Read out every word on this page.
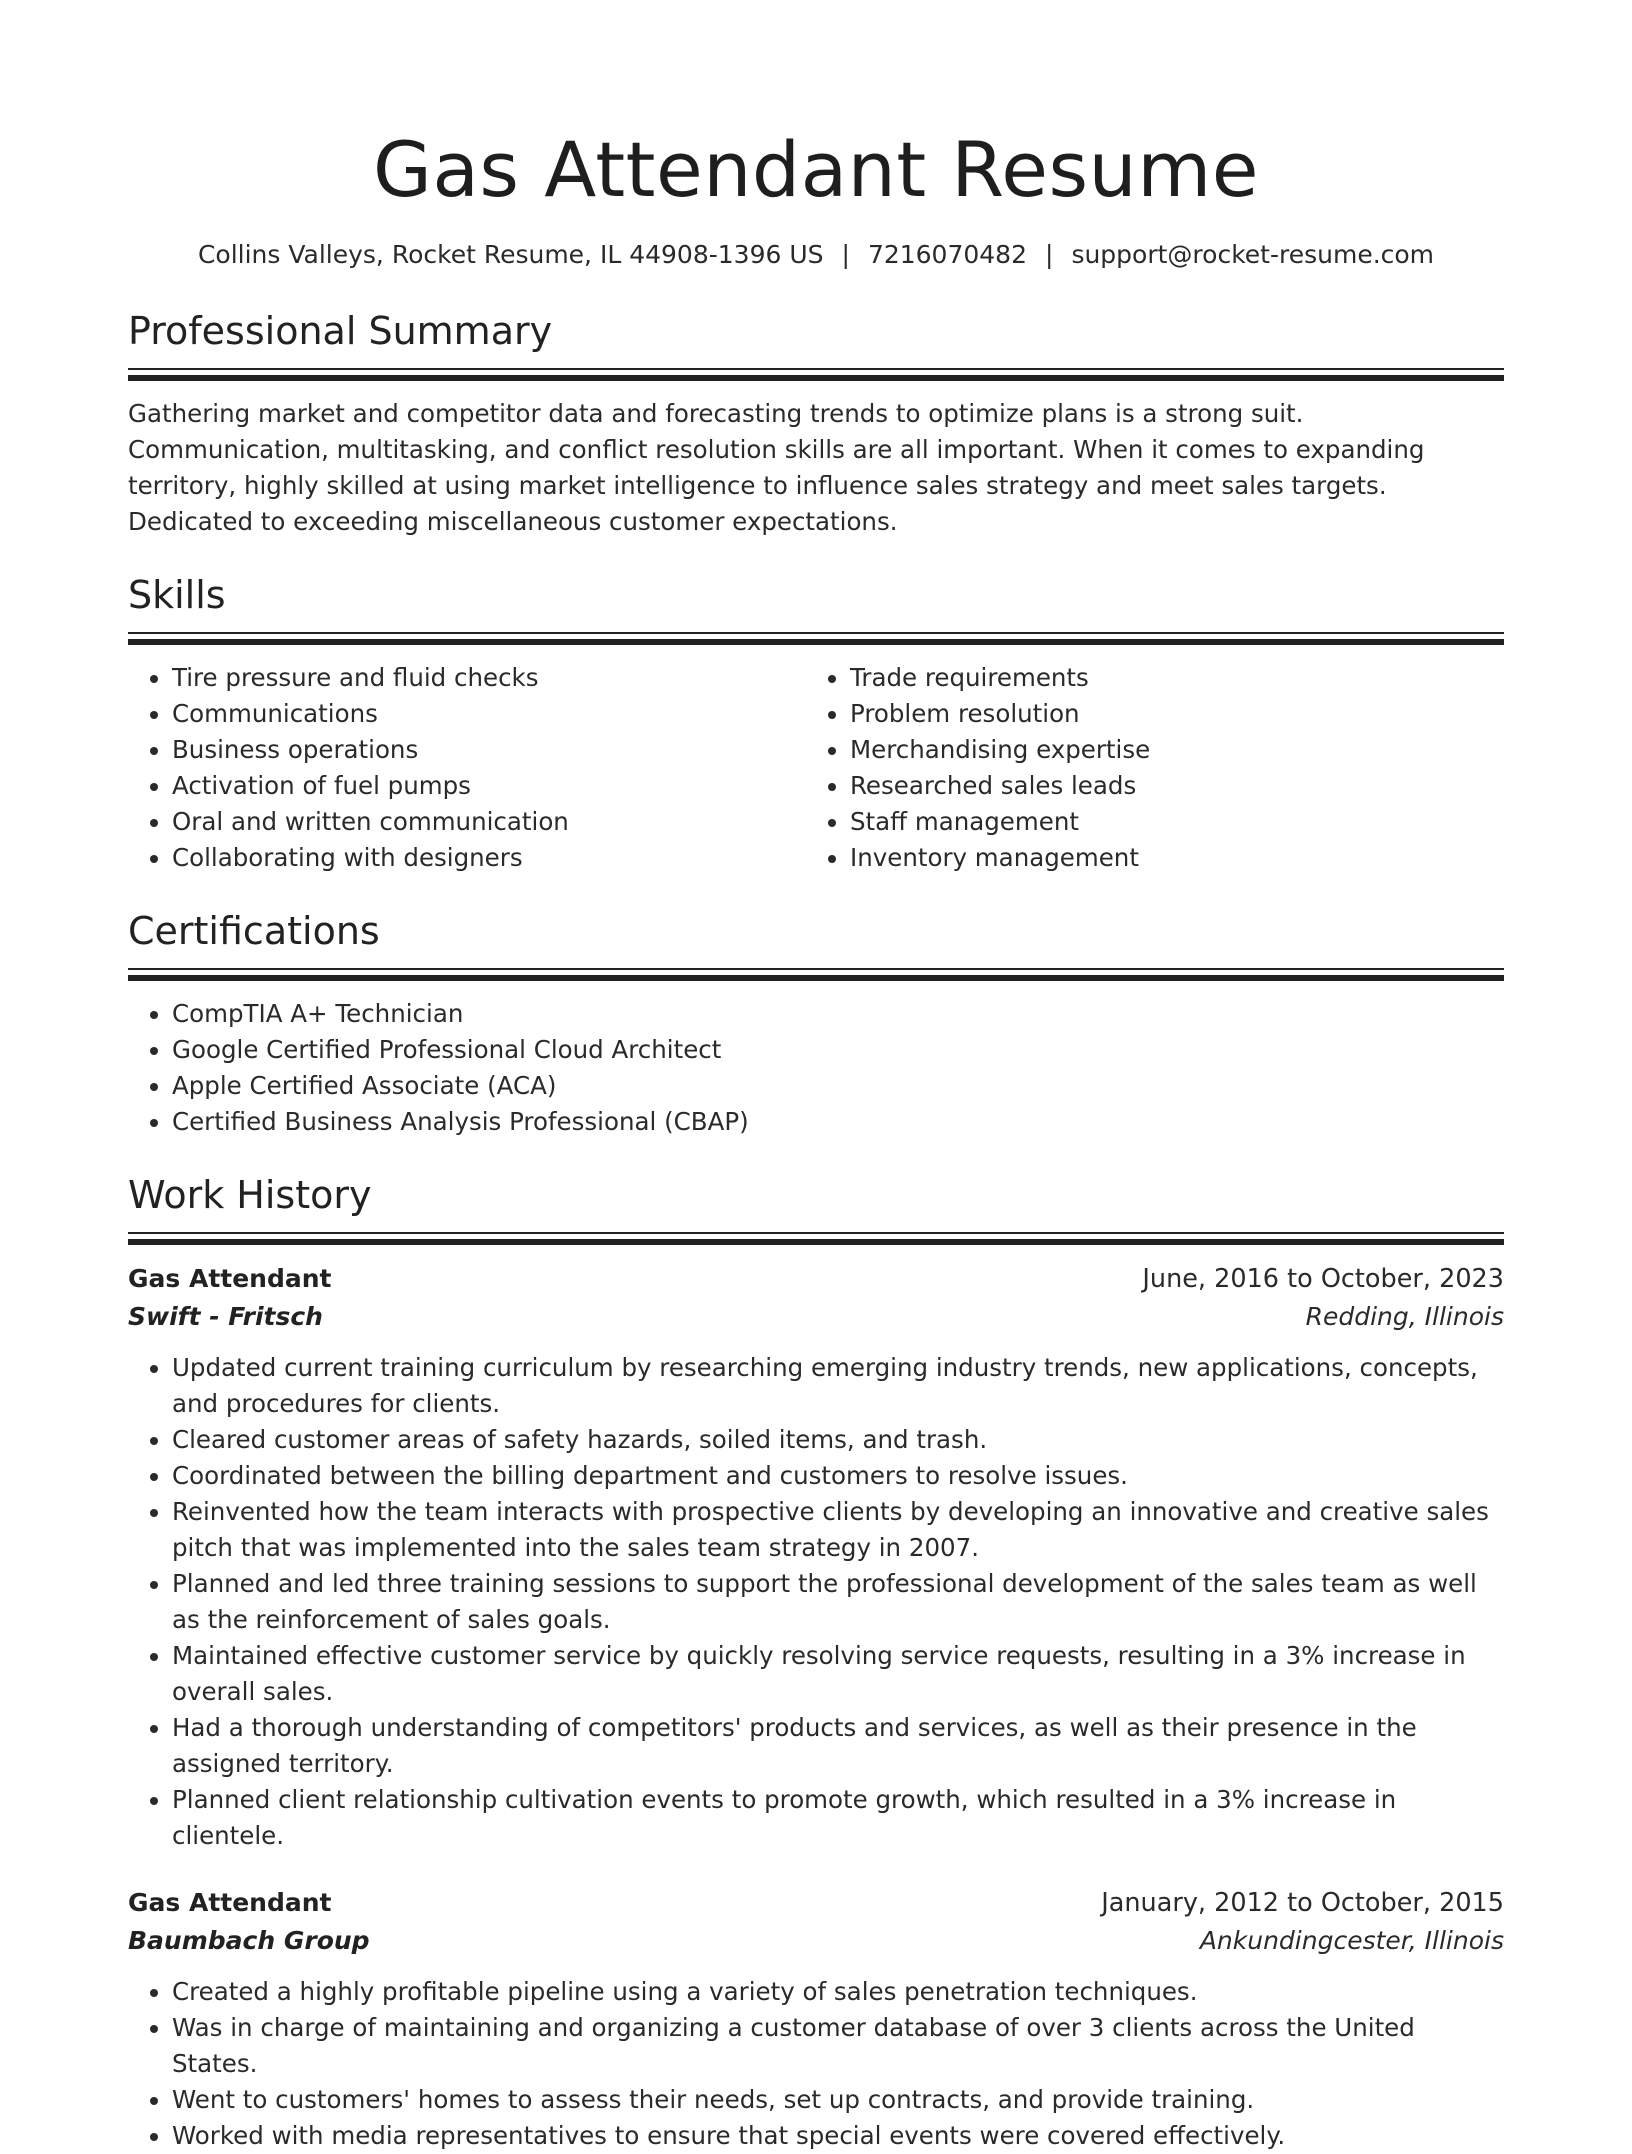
Gas Attendant Resume
Collins Valleys, Rocket Resume, IL 44908-1396 US | 7216070482 | support@rocket-resume.com
Professional Summary
Gathering market and competitor data and forecasting trends to optimize plans is a strong suit. Communication, multitasking, and conflict resolution skills are all important. When it comes to expanding territory, highly skilled at using market intelligence to influence sales strategy and meet sales targets. Dedicated to exceeding miscellaneous customer expectations.
Skills
• Tire pressure and fluid checks
• Communications
• Business operations
• Activation of fuel pumps
• Oral and written communication
• Collaborating with designers
• Trade requirements
• Problem resolution
• Merchandising expertise
• Researched sales leads
• Staff management
• Inventory management
Certifications
• CompTIA A+ Technician
• Google Certified Professional Cloud Architect
• Apple Certified Associate (ACA)
• Certified Business Analysis Professional (CBAP)
Work History
Gas Attendant	June, 2016 to October, 2023
Swift - Fritsch	Redding, Illinois
• Updated current training curriculum by researching emerging industry trends, new applications, concepts, and procedures for clients.
• Cleared customer areas of safety hazards, soiled items, and trash.
• Coordinated between the billing department and customers to resolve issues.
• Reinvented how the team interacts with prospective clients by developing an innovative and creative sales pitch that was implemented into the sales team strategy in 2007.
• Planned and led three training sessions to support the professional development of the sales team as well as the reinforcement of sales goals.
• Maintained effective customer service by quickly resolving service requests, resulting in a 3% increase in overall sales.
• Had a thorough understanding of competitors' products and services, as well as their presence in the assigned territory.
• Planned client relationship cultivation events to promote growth, which resulted in a 3% increase in clientele.
Gas Attendant	January, 2012 to October, 2015
Baumbach Group	Ankundingcester, Illinois
• Created a highly profitable pipeline using a variety of sales penetration techniques.
• Was in charge of maintaining and organizing a customer database of over 3 clients across the United States.
• Went to customers' homes to assess their needs, set up contracts, and provide training.
• Worked with media representatives to ensure that special events were covered effectively.
